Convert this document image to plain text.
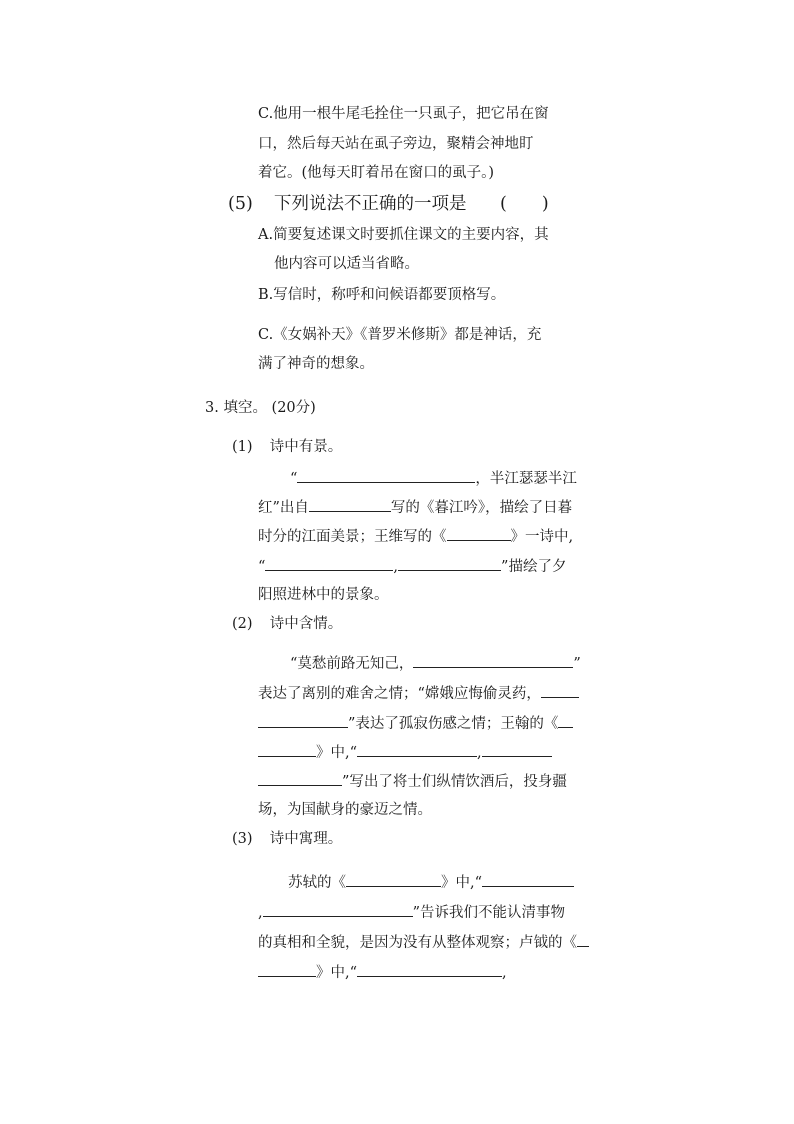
C.他用一根牛尾毛拴住一只虱子，把它吊在窗
口，然后每天站在虱子旁边，聚精会神地盯
着它。(他每天盯着吊在窗口的虱子。)
(5) 下列说法不正确的一项是 (　　)
A.简要复述课文时要抓住课文的主要内容，其
他内容可以适当省略。
B.写信时，称呼和问候语都要顶格写。
C.《女娲补天》《普罗米修斯》都是神话，充
满了神奇的想象。
3. 填空。 (20分)
(1) 诗中有景。
“	，半江瑟瑟半江
红”出自	写的《暮江吟》，描绘了日暮
时分的江面美景；王维写的《	》一诗中,
“	,	”描绘了夕
阳照进林中的景象。
(2) 诗中含情。
“莫愁前路无知己，	”
表达了离别的难舍之情；“嫦娥应悔偷灵药，
”表达了孤寂伤感之情；王翰的《
》中,“	,
”写出了将士们纵情饮酒后，投身疆
场，为国献身的豪迈之情。
(3) 诗中寓理。
苏轼的《	》中,“
,	”告诉我们不能认清事物
的真相和全貌，是因为没有从整体观察；卢钺的《
》中,“	,
